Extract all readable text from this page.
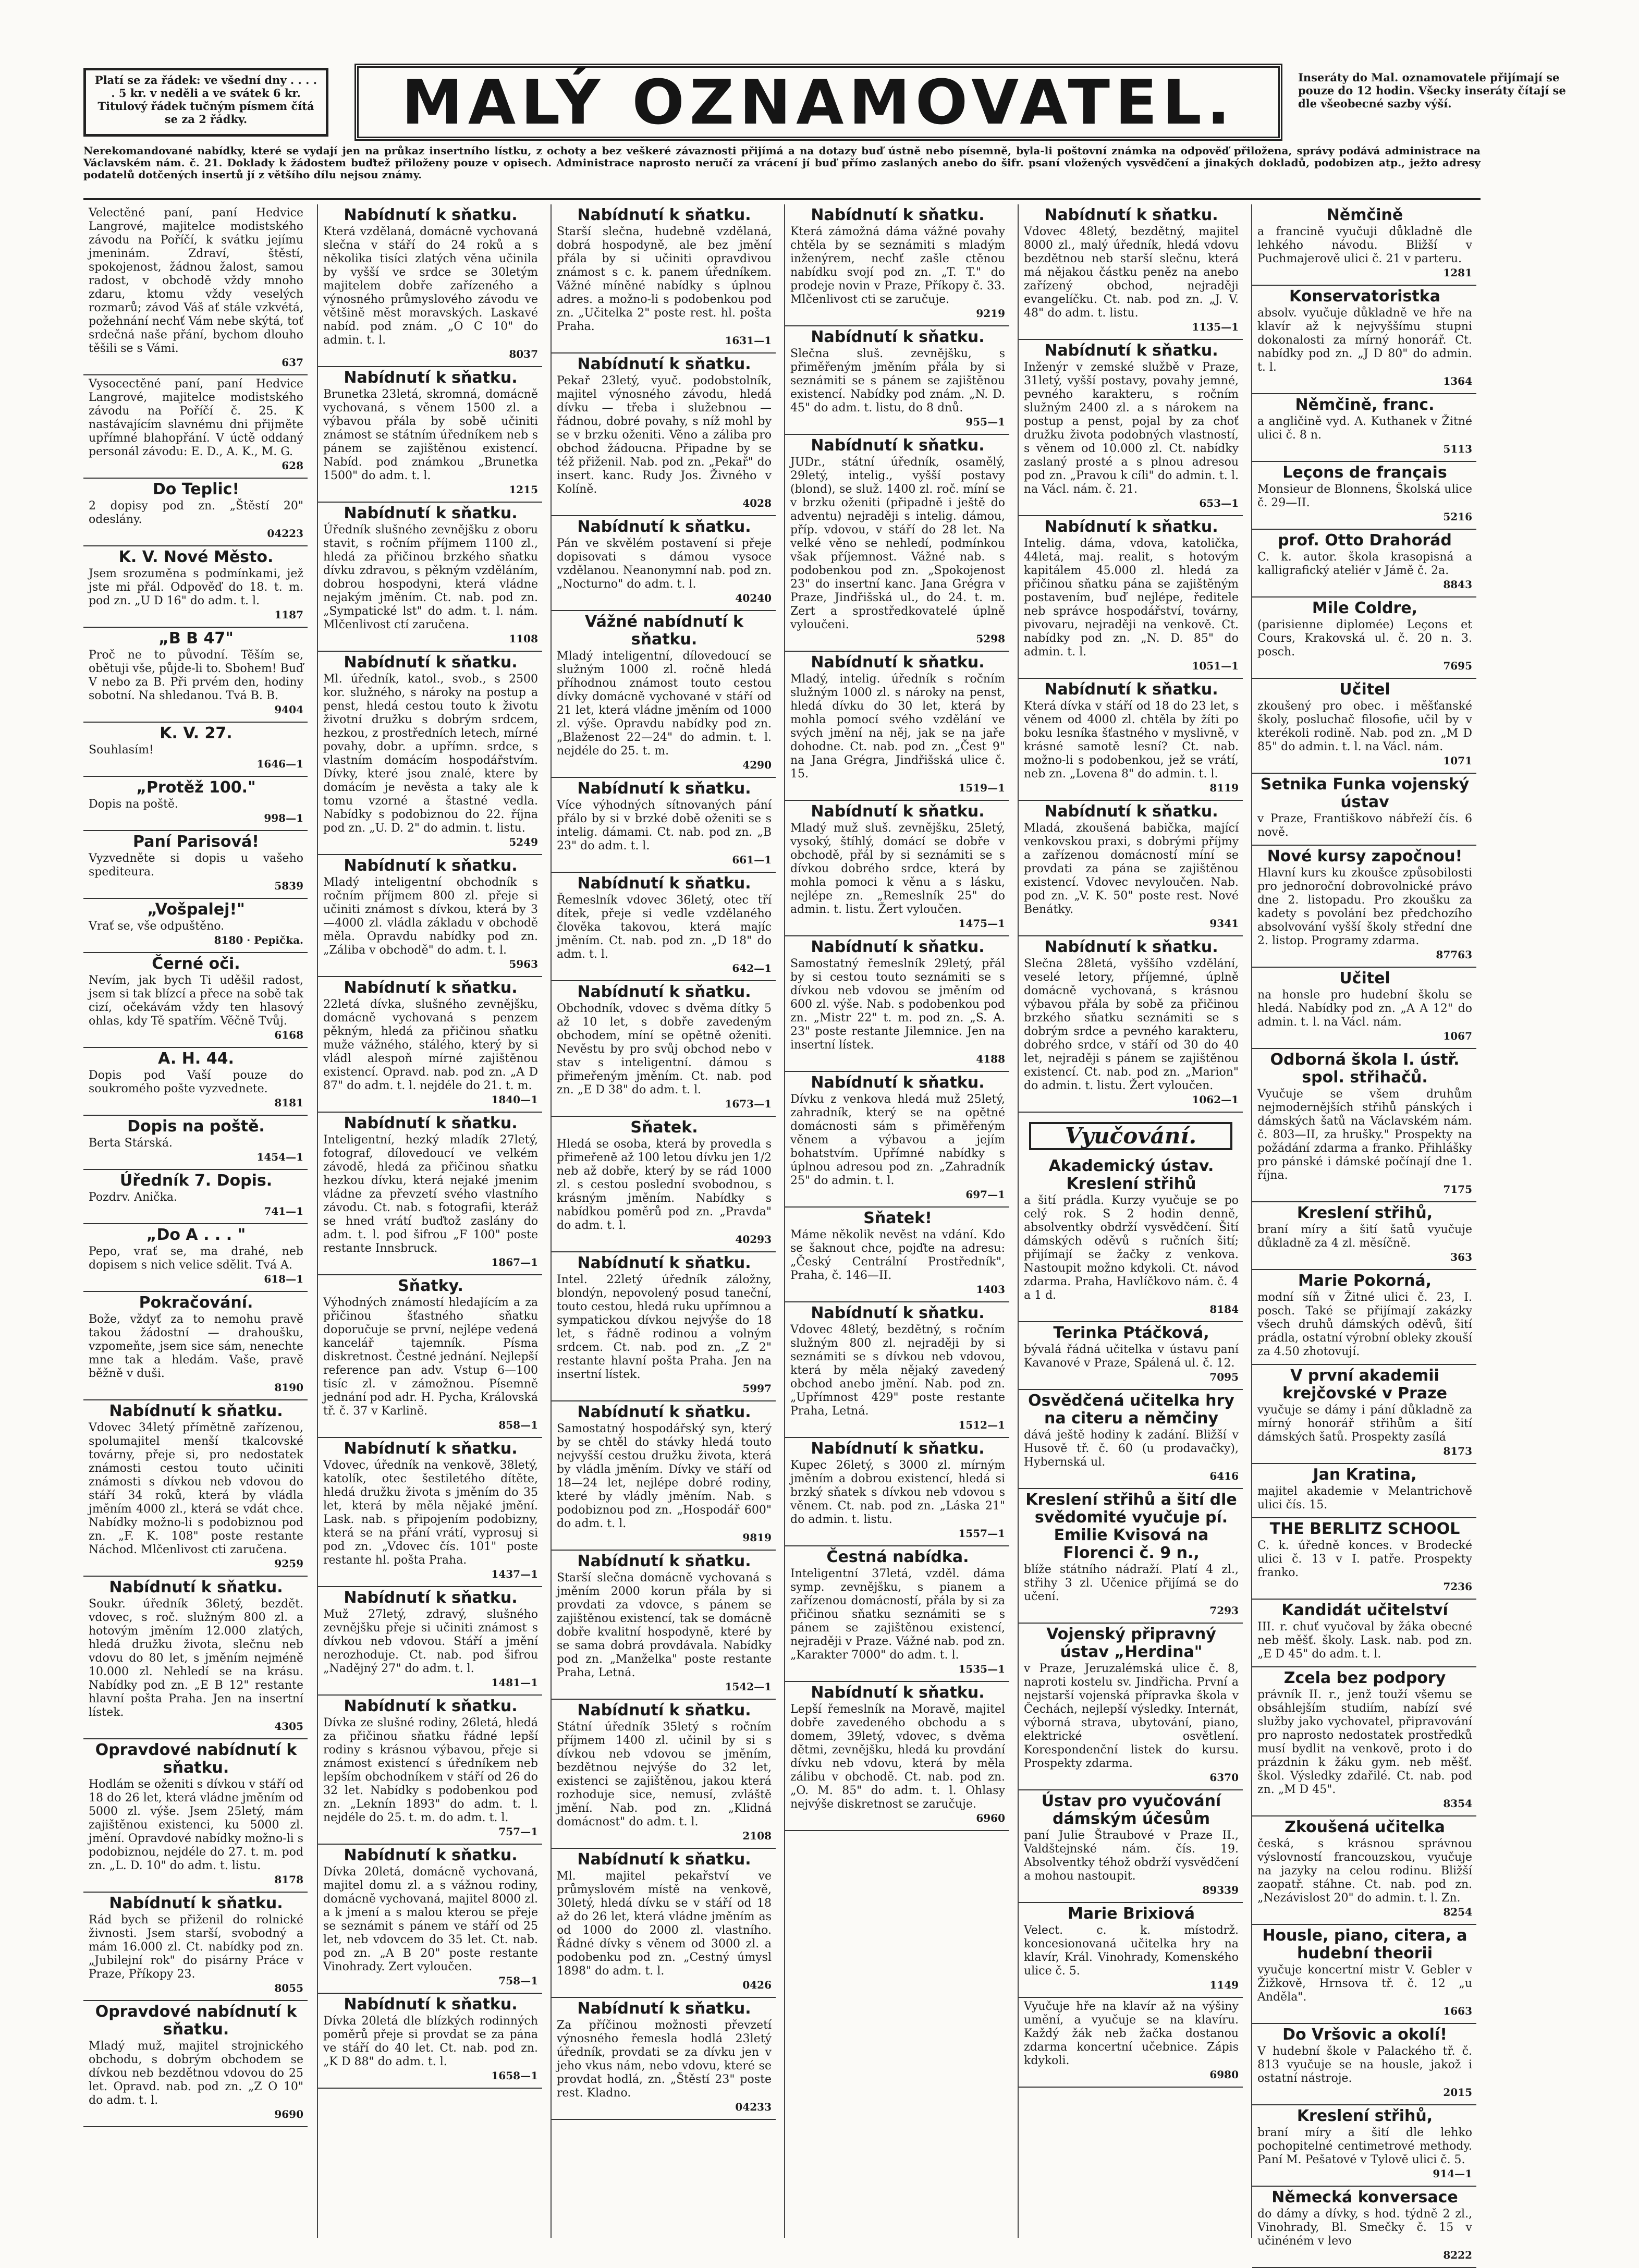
Platí se za řádek: ve všední dny . . . . . 5 kr. v neděli a ve svátek 6 kr. Titulový řádek tučným písmem čítá se za 2 řádky.	MALÝ OZNAMOVATEL.	Inseráty do Mal. oznamovatele přijímají se pouze do 12 hodin. Všecky inseráty čítají se dle všeobecné sazby výší.
Nerekomandované nabídky, které se vydají jen na průkaz insertního lístku, z ochoty a bez veškeré závaznosti přijímá a na dotazy buď ústně nebo písemně, byla-li poštovní známka na odpověď přiložena, správy podává administrace na Václavském nám. č. 21. Doklady k žádostem buďtež přiloženy pouze v opisech. Administrace naprosto neručí za vrácení jí buď přímo zaslaných anebo do šifr. psaní vložených vysvědčení a jinakých dokladů, podobizen atp., ježto adresy podatelů dotčených insertů jí z většího dílu nejsou známy.
Velectěné paní, paní Hedvice Langrové, majitelce modistského závodu na Poříčí, k svátku jejímu jmeninám. Zdraví, štěstí, spokojenost, žádnou žalost, samou radost, v obchodě vždy mnoho zdaru, ktomu vždy veselých rozmarů; závod Váš ať stále vzkvétá, požehnání nechť Vám nebe skýtá, toť srdečná naše přání, bychom dlouho těšili se s Vámi.
637
Vysocectěné paní, paní Hedvice Langrové, majitelce modistského závodu na Poříčí č. 25. K nastávajícím slavnému dni přijměte upřímné blahopřání. V úctě oddaný personál závodu: E. D., A. K., M. G.
628
Do Teplic!
2 dopisy pod zn. „Štěstí 20" odeslány.
04223
K. V. Nové Město.
Jsem srozuměna s podmínkami, jež jste mi přál. Odpověď do 18. t. m. pod zn. „U D 16" do adm. t. l.
1187
„B B 47"
Proč ne to původní. Těším se, obětuji vše, půjde-li to. Sbohem! Buď V nebo za B. Při prvém den, hodiny sobotní. Na shledanou. Tvá B. B.
9404
K. V. 27.
Souhlasím!
1646—1
„Protěž 100."
Dopis na poště.
998—1
Paní Parisová!
Vyzvedněte si dopis u vašeho spediteura.
5839
„Vošpalej!"
Vrať se, vše odpuštěno.
8180 · Pepička.
Černé oči.
Nevím, jak bych Ti uděšil radost, jsem si tak blízcí a přece na sobě tak cizí, očekávám vždy ten hlasový ohlas, kdy Tě spatřím. Věčně Tvůj.
6168
A. H. 44.
Dopis pod Vaší pouze do soukromého pošte vyzvednete.
8181
Dopis na poště.
Berta Stárská.
1454—1
Úředník 7. Dopis.
Pozdrv. Anička.
741—1
„Do A . . . "
Pepo, vrať se, ma drahé, neb dopisem s nich velice sdělit. Tvá A.
618—1
Pokračování.
Bože, vždyť za to nemohu pravě takou žádostní — drahoušku, vzpomeňte, jsem sice sám, nenechte mne tak a hledám. Vaše, pravě běžně v duši.
8190
Nabídnutí k sňatku.
Vdovec 34letý přímětně zařízenou, spolumajitel menší tkalcovské továrny, přeje si, pro nedostatek známosti cestou touto učiniti známosti s dívkou neb vdovou do stáří 34 roků, která by vládla jměním 4000 zl., která se vdát chce. Nabídky možno-li s podobiznou pod zn. „F. K. 108" poste restante Náchod. Mlčenlivost cti zaručena.
9259
Nabídnutí k sňatku.
Soukr. úředník 36letý, bezdět. vdovec, s roč. služným 800 zl. a hotovým jměním 12.000 zlatých, hledá družku života, slečnu neb vdovu do 80 let, s jměním nejméně 10.000 zl. Nehledí se na krásu. Nabídky pod zn. „E B 12" restante hlavní pošta Praha. Jen na insertní lístek.
4305
Opravdové nabídnutí k sňatku.
Hodlám se oženiti s dívkou v stáří od 18 do 26 let, která vládne jměním od 5000 zl. výše. Jsem 25letý, mám zajištěnou existenci, ku 5000 zl. jmění. Opravdové nabídky možno-li s podobiznou, nejdéle do 27. t. m. pod zn. „L. D. 10" do adm. t. listu.
8178
Nabídnutí k sňatku.
Rád bych se přiženil do rolnické živnosti. Jsem starší, svobodný a mám 16.000 zl. Ct. nabídky pod zn. „Jubilejní rok" do pisárny Práce v Praze, Příkopy 23.
8055
Opravdové nabídnutí k sňatku.
Mladý muž, majitel strojnického obchodu, s dobrým obchodem se dívkou neb bezdětnou vdovou do 25 let. Opravd. nab. pod zn. „Z O 10" do adm. t. l.
9690
Nabídnutí k sňatku.
Která vzdělaná, domácně vychovaná slečna v stáří do 24 roků a s několika tisíci zlatých věna učinila by vyšší ve srdce se 30letým majitelem dobře zařízeného a výnosného průmyslového závodu ve většině měst moravských. Laskavé nabíd. pod znám. „O C 10" do admin. t. l.
8037
Nabídnutí k sňatku.
Brunetka 23letá, skromná, domácně vychovaná, s věnem 1500 zl. a výbavou přála by sobě učiniti známost se státním úředníkem neb s pánem se zajištěnou existencí. Nabíd. pod známkou „Brunetka 1500" do adm. t. l.
1215
Nabídnutí k sňatku.
Úředník slušného zevnějšku z oboru stavit, s ročním příjmem 1100 zl., hledá za přičinou brzkého sňatku dívku zdravou, s pěkným vzděláním, dobrou hospodyni, která vládne nejakým jměním. Ct. nab. pod zn. „Sympatické lst" do adm. t. l. nám. Mlčenlivost ctí zaručena.
1108
Nabídnutí k sňatku.
Ml. úředník, katol., svob., s 2500 kor. služného, s nároky na postup a penst, hledá cestou touto k životu životní družku s dobrým srdcem, hezkou, z prostředních letech, mírné povahy, dobr. a upřímn. srdce, s vlastním domácím hospodářstvím. Dívky, které jsou znalé, ktere by domácím je nevěsta a taky ale k tomu vzorné a štastné vedla. Nabídky s podobiznou do 22. října pod zn. „U. D. 2" do admin. t. listu.
5249
Nabídnutí k sňatku.
Mladý inteligentní obchodník s ročním příjmem 800 zl. přeje si učiniti známost s dívkou, která by 3—4000 zl. vládla základu v obchodě měla. Opravdu nabídky pod zn. „Záliba v obchodě" do adm. t. l.
5963
Nabídnutí k sňatku.
22letá dívka, slušného zevnějšku, domácně vychovaná s penzem pěkným, hledá za přičinou sňatku muže vážného, stálého, který by si vládl alespoň mírné zajištěnou existencí. Opravd. nab. pod zn. „A D 87" do adm. t. l. nejdéle do 21. t. m.
1840—1
Nabídnutí k sňatku.
Inteligentní, hezký mladík 27letý, fotograf, dílovedoucí ve velkém závodě, hledá za přičinou sňatku hezkou dívku, která nejaké jmenim vládne za převzetí svého vlastního závodu. Ct. nab. s fotografii, kteráž se hned vrátí buďtož zaslány do adm. t. l. pod šifrou „F 100" poste restante Innsbruck.
1867—1
Sňatky.
Výhodných známostí hledajícím a za přičinou šťastného sňatku doporučuje se první, nejlépe vedená kancelář tajemník. Písma diskretnost. Čestné jednání. Nejlepší reference pan adv. Vstup 6—100 tisíc zl. v zámožnou. Písemně jednání pod adr. H. Pycha, Královská tř. č. 37 v Karlině.
858—1
Nabídnutí k sňatku.
Vdovec, úředník na venkově, 38letý, katolík, otec šestiletého dítěte, hledá družku života s jměním do 35 let, která by měla nějaké jmění. Lask. nab. s připojením podobizny, která se na přání vrátí, vyprosuj si pod zn. „Vdovec čís. 101" poste restante hl. pošta Praha.
1437—1
Nabídnutí k sňatku.
Muž 27letý, zdravý, slušného zevnějšku přeje si učiniti známost s dívkou neb vdovou. Stáří a jmění nerozhoduje. Ct. nab. pod šifrou „Nadějný 27" do adm. t. l.
1481—1
Nabídnutí k sňatku.
Dívka ze slušné rodiny, 26letá, hledá za přičinou sňatku řádné lepší rodiny s krásnou výbavou, přeje si známost existencí s úředníkem neb lepším obchodníkem v stáří od 26 do 32 let. Nabídky s podobenkou pod zn. „Leknín 1893" do adm. t. l. nejdéle do 25. t. m. do adm. t. l.
757—1
Nabídnutí k sňatku.
Dívka 20letá, domácně vychovaná, majitel domu zl. a s vážnou rodiny, domácně vychovaná, majitel 8000 zl. a k jmení a s malou kterou se přeje se seznámit s pánem ve stáří od 25 let, neb vdovcem do 35 let. Ct. nab. pod zn. „A B 20" poste restante Vinohrady. Zert vyloučen.
758—1
Nabídnutí k sňatku.
Dívka 20letá dle blízkých rodinných poměrů přeje si provdat se za pána ve stáří do 40 let. Ct. nab. pod zn. „K D 88" do adm. t. l.
1658—1
Nabídnutí k sňatku.
Starší slečna, hudebně vzdělaná, dobrá hospodyně, ale bez jmění přála by si učiniti opravdivou známost s c. k. panem úředníkem. Vážné míněné nabídky s úplnou adres. a možno-li s podobenkou pod zn. „Učitelka 2" poste rest. hl. pošta Praha.
1631—1
Nabídnutí k sňatku.
Pekař 23letý, vyuč. podobstolník, majitel výnosného závodu, hledá dívku — třeba i služebnou — řádnou, dobré povahy, s níž mohl by se v brzku oženiti. Věno a záliba pro obchod žádoucna. Připadne by se též přiženil. Nab. pod zn. „Pekař" do insert. kanc. Rudy Jos. Živného v Kolíně.
4028
Nabídnutí k sňatku.
Pán ve skvělém postavení si přeje dopisovati s dámou vysoce vzdělanou. Neanonymní nab. pod zn. „Nocturno" do adm. t. l.
40240
Vážné nabídnutí k sňatku.
Mladý inteligentní, dílovedoucí se služným 1000 zl. ročně hledá příhodnou známost touto cestou dívky domácně vychované v stáří od 21 let, která vládne jměním od 1000 zl. výše. Opravdu nabídky pod zn. „Blaženost 22—24" do admin. t. l. nejdéle do 25. t. m.
4290
Nabídnutí k sňatku.
Více výhodných sítnovaných pání přálo by si v brzké době oženiti se s intelig. dámami. Ct. nab. pod zn. „B 23" do adm. t. l.
661—1
Nabídnutí k sňatku.
Řemeslník vdovec 36letý, otec tří dítek, přeje si vedle vzdělaného člověka takovou, která majíc jměním. Ct. nab. pod zn. „D 18" do adm. t. l.
642—1
Nabídnutí k sňatku.
Obchodník, vdovec s dvěma dítky 5 až 10 let, s dobře zavedeným obchodem, míní se opětně oženiti. Nevěstu by pro svůj obchod nebo v stav s inteligentní. dámou s přimeřeným jměním. Ct. nab. pod zn. „E D 38" do adm. t. l.
1673—1
Sňatek.
Hledá se osoba, která by provedla s přimeřeně až 100 letou dívku jen 1/2 neb až dobře, který by se rád 1000 zl. s cestou poslední svobodnou, s krásným jměním. Nabídky s nabídkou poměrů pod zn. „Pravda" do adm. t. l.
40293
Nabídnutí k sňatku.
Intel. 22letý úředník záložny, blondýn, nepovolený posud taneční, touto cestou, hledá ruku upřímnou a sympatickou dívkou nejvýše do 18 let, s řádně rodinou a volným srdcem. Ct. nab. pod zn. „Z 2" restante hlavní pošta Praha. Jen na insertní lístek.
5997
Nabídnutí k sňatku.
Samostatný hospodářský syn, který by se chtěl do stávky hledá touto nejvyšší cestou družku života, která by vládla jměním. Dívky ve stáří od 18—24 let, nejlépe dobré rodiny, které by vládly jměním. Nab. s podobiznou pod zn. „Hospodář 600" do adm. t. l.
9819
Nabídnutí k sňatku.
Starší slečna domácně vychovaná s jměním 2000 korun přála by si provdati za vdovce, s pánem se zajištěnou existencí, tak se domácně dobře kvalitní hospodyně, které by se sama dobrá provdávala. Nabídky pod zn. „Manželka" poste restante Praha, Letná.
1542—1
Nabídnutí k sňatku.
Státní úředník 35letý s ročním příjmem 1400 zl. učinil by si s dívkou neb vdovou se jměním, bezdětnou nejvýše do 32 let, existenci se zajištěnou, jakou která rozhoduje sice, nemusí, zvláště jmění. Nab. pod zn. „Klidná domácnost" do adm. t. l.
2108
Nabídnutí k sňatku.
Ml. majitel pekařství ve průmyslovém místě na venkově, 30letý, hledá dívku se v stáří od 18 až do 26 let, která vládne jměním as od 1000 do 2000 zl. vlastního. Řádné dívky s věnem od 3000 zl. a podobenku pod zn. „Cestný úmysl 1898" do adm. t. l.
0426
Nabídnutí k sňatku.
Za příčinou možnosti převzetí výnosného řemesla hodlá 23letý úředník, provdati se za dívku jen v jeho vkus nám, nebo vdovu, které se provdat hodlá, zn. „Štěstí 23" poste rest. Kladno.
04233
Nabídnutí k sňatku.
Která zámožná dáma vážné povahy chtěla by se seznámiti s mladým inženýrem, nechť zašle ctěnou nabídku svojí pod zn. „T. T." do prodeje novin v Praze, Příkopy č. 33. Mlčenlivost cti se zaručuje.
9219
Nabídnutí k sňatku.
Slečna sluš. zevnějšku, s přiměřeným jměním přála by si seznámiti se s pánem se zajištěnou existencí. Nabídky pod znám. „N. D. 45" do adm. t. listu, do 8 dnů.
955—1
Nabídnutí k sňatku.
JUDr., státní úředník, osamělý, 29letý, intelig., vyšší postavy (blond), se služ. 1400 zl. roč. míní se v brzku oženiti (připadně i ještě do adventu) nejraději s intelig. dámou, příp. vdovou, v stáří do 28 let. Na velké věno se nehledí, podmínkou však příjemnost. Vážné nab. s podobenkou pod zn. „Spokojenost 23" do insertní kanc. Jana Grégra v Praze, Jindřišská ul., do 24. t. m. Zert a sprostředkovatelé úplně vyloučeni.
5298
Nabídnutí k sňatku.
Mladý, intelig. úředník s ročním služným 1000 zl. s nároky na penst, hledá dívku do 30 let, která by mohla pomocí svého vzdělání ve svých jmění na něj, jak se na jaře dohodne. Ct. nab. pod zn. „Čest 9" na Jana Grégra, Jindřišská ulice č. 15.
1519—1
Nabídnutí k sňatku.
Mladý muž sluš. zevnějšku, 25letý, vysoký, štíhlý, domácí se dobře v obchodě, přál by si seznámiti se s dívkou dobrého srdce, která by mohla pomoci k věnu a s lásku, nejlépe zn. „Remeslník 25" do admin. t. listu. Žert vyloučen.
1475—1
Nabídnutí k sňatku.
Samostatný řemeslník 29letý, přál by si cestou touto seznámiti se s dívkou neb vdovou se jměním od 600 zl. výše. Nab. s podobenkou pod zn. „Mistr 22" t. m. pod zn. „S. A. 23" poste restante Jilemnice. Jen na insertní lístek.
4188
Nabídnutí k sňatku.
Dívku z venkova hledá muž 25letý, zahradník, který se na opětné domácnosti sám s přiměřeným věnem a výbavou a jejím bohatstvím. Upřímné nabídky s úplnou adresou pod zn. „Zahradník 25" do admin. t. l.
697—1
Sňatek!
Máme několik nevěst na vdání. Kdo se šaknout chce, pojďte na adresu: „Český Centrální Prostředník", Praha, č. 146—II.
1403
Nabídnutí k sňatku.
Vdovec 48letý, bezdětný, s ročním služným 800 zl. nejraději by si seznámiti se s dívkou neb vdovou, která by měla nějaký zavedený obchod anebo jmění. Nab. pod zn. „Upřímnost 429" poste restante Praha, Letná.
1512—1
Nabídnutí k sňatku.
Kupec 26letý, s 3000 zl. mírným jměním a dobrou existencí, hledá si brzký sňatek s dívkou neb vdovou s věnem. Ct. nab. pod zn. „Láska 21" do admin. t. listu.
1557—1
Čestná nabídka.
Inteligentní 37letá, vzděl. dáma symp. zevnějšku, s pianem a zařízenou domácností, přála by si za přičinou sňatku seznámiti se s pánem se zajištěnou existencí, nejraději v Praze. Vážné nab. pod zn. „Karakter 7000" do adm. t. l.
1535—1
Nabídnutí k sňatku.
Lepší řemeslník na Moravě, majitel dobře zavedeného obchodu a s domem, 39letý, vdovec, s dvěma dětmi, zevnějšku, hledá ku provdání dívku neb vdovu, která by měla zálibu v obchodě. Ct. nab. pod zn. „O. M. 85" do adm. t. l. Ohlasy nejvýše diskretnost se zaručuje.
6960
Nabídnutí k sňatku.
Vdovec 48letý, bezdětný, majitel 8000 zl., malý úředník, hledá vdovu bezdětnou neb starší slečnu, která má nějakou částku peněz na anebo zařízený obchod, nejraději evangelíčku. Ct. nab. pod zn. „J. V. 48" do adm. t. listu.
1135—1
Nabídnutí k sňatku.
Inženýr v zemské službě v Praze, 31letý, vyšší postavy, povahy jemné, pevného karakteru, s ročním služným 2400 zl. a s nárokem na postup a penst, pojal by za choť družku života podobných vlastností, s věnem od 10.000 zl. Ct. nabídky zaslaný prosté a s plnou adresou pod zn. „Pravou k cíli" do admin. t. l. na Václ. nám. č. 21.
653—1
Nabídnutí k sňatku.
Intelig. dáma, vdova, katolička, 44letá, maj. realit, s hotovým kapitálem 45.000 zl. hledá za přičinou sňatku pána se zajištěným postavením, buď nejlépe, ředitele neb správce hospodářství, továrny, pivovaru, nejraději na venkově. Ct. nabídky pod zn. „N. D. 85" do admin. t. l.
1051—1
Nabídnutí k sňatku.
Která dívka v stáří od 18 do 23 let, s věnem od 4000 zl. chtěla by žíti po boku lesníka šťastného v myslivně, v krásné samotě lesní? Ct. nab. možno-li s podobenkou, jež se vrátí, neb zn. „Lovena 8" do admin. t. l.
8119
Nabídnutí k sňatku.
Mladá, zkoušená babička, mající venkovskou praxi, s dobrými příjmy a zařízenou domácností míní se provdati za pána se zajištěnou existencí. Vdovec nevyloučen. Nab. pod zn. „V. K. 50" poste rest. Nové Benátky.
9341
Nabídnutí k sňatku.
Slečna 28letá, vyššího vzdělání, veselé letory, příjemné, úplně domácně vychovaná, s krásnou výbavou přála by sobě za přičinou brzkého sňatku seznámiti se s dobrým srdce a pevného karakteru, dobrého srdce, v stáří od 30 do 40 let, nejraději s pánem se zajištěnou existencí. Ct. nab. pod zn. „Marion" do admin. t. listu. Žert vyloučen.
1062—1
Vyučování.
Akademický ústav. Kreslení střihů
a šití prádla. Kurzy vyučuje se po celý rok. S 2 hodin denně, absolventky obdrží vysvědčení. Šití dámských oděvů s ručních šití; přijímají se žačky z venkova. Nastoupit možno kdykoli. Ct. návod zdarma. Praha, Havlíčkovo nám. č. 4 a 1 d.
8184
Terinka Ptáčková,
bývalá řádná učitelka v ústavu paní Kavanové v Praze, Spálená ul. č. 12.
7095
Osvědčená učitelka hry na citeru a němčiny
dává ještě hodiny k zadání. Bližší v Husově tř. č. 60 (u prodavačky), Hybernská ul.
6416
Kreslení střihů a šití dle svědomité vyučuje pí. Emilie Kvisová na Florenci č. 9 n.,
blíže státního nádraží. Platí 4 zl., střihy 3 zl. Učenice přijímá se do učení.
7293
Vojenský připravný ústav „Herdina"
v Praze, Jeruzalémská ulice č. 8, naproti kostelu sv. Jindřicha. První a nejstarší vojenská přípravka škola v Čechách, nejlepší výsledky. Internát, výborná strava, ubytování, piano, elektrické osvětlení. Korespondenční listek do kursu. Prospekty zdarma.
6370
Ústav pro vyučování dámským účesům
paní Julie Štraubové v Praze II., Valdštejnské nám. čís. 19. Absolventky téhož obdrží vysvědčení a mohou nastoupit.
89339
Marie Brixiová
Velect. c. k. místodrž. koncesionovaná učitelka hry na klavír, Král. Vinohrady, Komenského ulice č. 5.
1149
Vyučuje hře na klavír až na výšiny umění, a vyučuje se na klavíru. Každý žák neb žačka dostanou zdarma koncertní učebnice. Zápis kdykoli.
6980
Němčině
a francině vyučuji důkladně dle lehkého návodu. Bližší v Puchmajerově ulici č. 21 v parteru.
1281
Konservatoristka
absolv. vyučuje důkladně ve hře na klavír až k nejvyššímu stupni dokonalosti za mírný honorář. Ct. nabídky pod zn. „J D 80" do admin. t. l.
1364
Němčině, franc.
a angličině vyd. A. Kuthanek v Žitné ulici č. 8 n.
5113
Leçons de français
Monsieur de Blonnens, Školská ulice č. 29—II.
5216
prof. Otto Drahorád
C. k. autor. škola krasopisná a kalligrafický ateliér v Jámě č. 2a.
8843
Mile Coldre,
(parisienne diplomée) Leçons et Cours, Krakovská ul. č. 20 n. 3. posch.
7695
Učitel
zkoušený pro obec. i měšťanské školy, posluchač filosofie, učil by v kterékoli rodině. Nab. pod zn. „M D 85" do admin. t. l. na Václ. nám.
1071
Setnika Funka vojenský ústav
v Praze, Františkovo nábřeží čís. 6 nově.
Nové kursy započnou!
Hlavní kurs ku zkoušce způsobilosti pro jednoroční dobrovolnické právo dne 2. listopadu. Pro zkoušku za kadety s povolání bez předchozího absolvování vyšší školy střední dne 2. listop. Programy zdarma.
87763
Učitel
na honsle pro hudební školu se hledá. Nabídky pod zn. „A A 12" do admin. t. l. na Václ. nám.
1067
Odborná škola I. ústř. spol. střihačů.
Vyučuje se všem druhům nejmodernějších střihů pánských i dámských šatů na Václavském nám. č. 803—II, za hrušky." Prospekty na požádání zdarma a franko. Přihlášky pro pánské i dámské počínají dne 1. října.
7175
Kreslení střihů,
braní míry a šití šatů vyučuje důkladně za 4 zl. měsíčně.
363
Marie Pokorná,
modní síň v Žitné ulici č. 23, I. posch. Také se přijímají zakázky všech druhů dámských oděvů, šití prádla, ostatní výrobní obleky zkouší za 4.50 zhotovují.
V první akademii krejčovské v Praze
vyučuje se dámy i pání důkladně za mírný honorář střihům a šití dámských šatů. Prospekty zasílá
8173
Jan Kratina,
majitel akademie v Melantrichově ulici čís. 15.
THE BERLITZ SCHOOL
C. k. úředně konces. v Brodecké ulici č. 13 v I. patře. Prospekty franko.
7236
Kandidát učitelství
III. r. chuť vyučoval by žáka obecné neb měšť. školy. Lask. nab. pod zn. „E D 45" do adm. t. l.
Zcela bez podpory
právník II. r., jenž touží všemu se obsáhlejším studiím, nabízí své služby jako vychovatel, připravování pro naprosto nedostatek prostředků musí bydlit na venkově, proto i do prázdnin k žáku gym. neb měšť. škol. Výsledky zdařilé. Ct. nab. pod zn. „M D 45".
8354
Zkoušená učitelka
česká, s krásnou správnou výslovností francouzskou, vyučuje na jazyky na celou rodinu. Bližší zaopatř. stáhne. Ct. nab. pod zn. „Nezávislost 20" do admin. t. l. Zn.
8254
Housle, piano, citera, a hudební theorii
vyučuje koncertní mistr V. Gebler v Žižkově, Hrnsova tř. č. 12 „u Anděla".
1663
Do Vršovic a okolí!
V hudební škole v Palackého tř. č. 813 vyučuje se na housle, jakož i ostatní nástroje.
2015
Kreslení střihů,
braní míry a šití dle lehko pochopitelné centimetrové methody. Paní M. Pešatové v Tylově ulici č. 5.
914—1
Německá konversace
do dámy a dívky, s hod. týdně 2 zl., Vinohrady, Bl. Smečky č. 15 v učinéném v levo
8222
